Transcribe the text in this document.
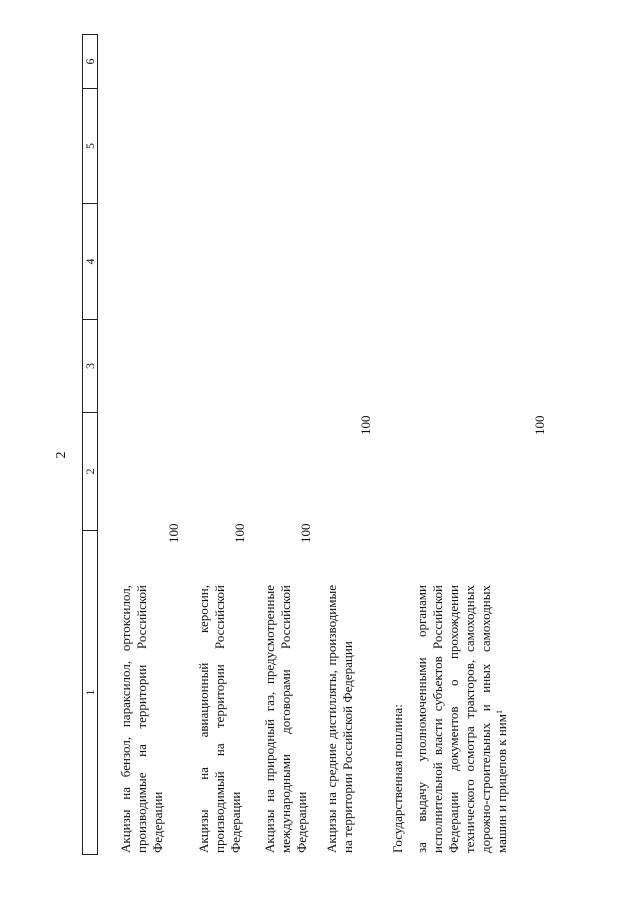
2
1
2
3
4
5
6
Акцизы на бензол, параксилол, ортоксилол, производимые на территории Российской Федерации
100
Акцизы на авиационный керосин, производимый на территории Российской Федерации
100
Акцизы на природный газ, предусмотренные международными договорами Российской Федерации
100
Акцизы на средние дистилляты, производимые на территории Российской Федерации
100
Государственная пошлина: за выдачу уполномоченными органами исполнительной власти субъектов Российской Федерации документов о прохождении технического осмотра тракторов, самоходных дорожно-строительных и иных самоходных машин и прицепов к ним$^1$
100
